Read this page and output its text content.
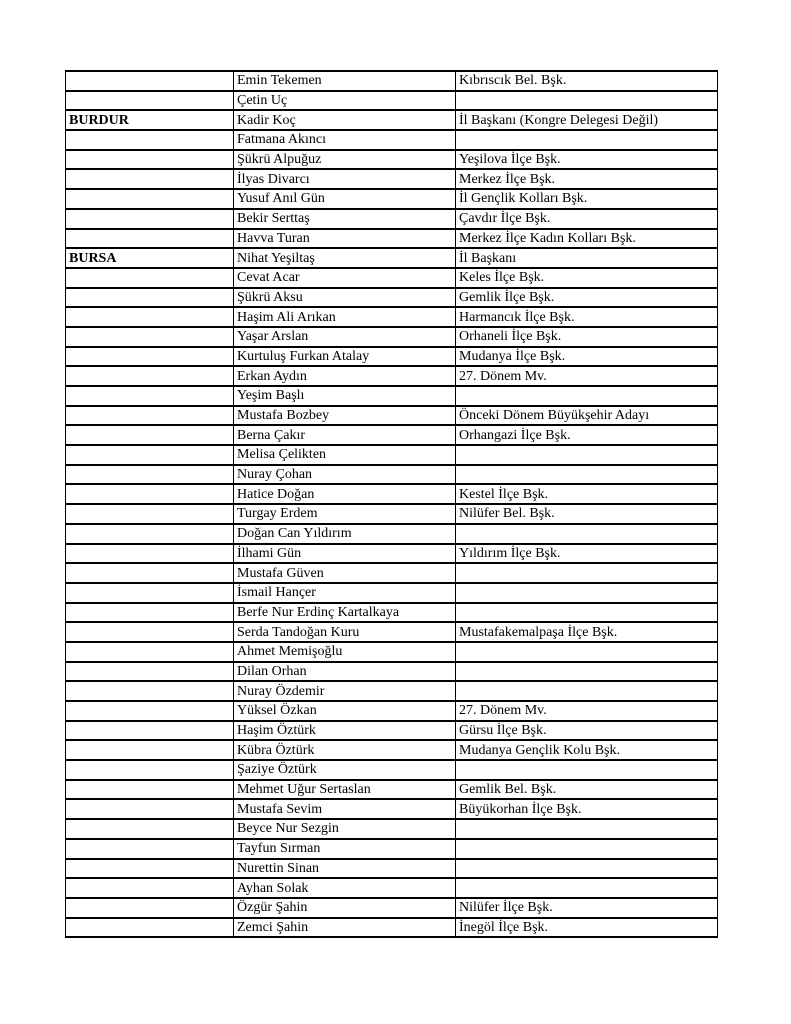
	Emin Tekemen	Kıbrıscık Bel. Bşk.
	Çetin Uç	
BURDUR	Kadir Koç	İl Başkanı (Kongre Delegesi Değil)
	Fatmana Akıncı	
	Şükrü Alpuğuz	Yeşilova İlçe Bşk.
	İlyas Divarcı	Merkez İlçe Bşk.
	Yusuf Anıl Gün	İl Gençlik Kolları Bşk.
	Bekir Serttaş	Çavdır İlçe Bşk.
	Havva Turan	Merkez İlçe Kadın Kolları Bşk.
BURSA	Nihat Yeşiltaş	İl Başkanı
	Cevat Acar	Keles İlçe Bşk.
	Şükrü Aksu	Gemlik İlçe Bşk.
	Haşim Ali Arıkan	Harmancık İlçe Bşk.
	Yaşar Arslan	Orhaneli İlçe Bşk.
	Kurtuluş Furkan Atalay	Mudanya İlçe Bşk.
	Erkan Aydın	27. Dönem Mv.
	Yeşim Başlı	
	Mustafa Bozbey	Önceki Dönem Büyükşehir Adayı
	Berna Çakır	Orhangazi İlçe Bşk.
	Melisa Çelikten	
	Nuray Çohan	
	Hatice Doğan	Kestel İlçe Bşk.
	Turgay Erdem	Nilüfer Bel. Bşk.
	Doğan Can Yıldırım	
	İlhami Gün	Yıldırım İlçe Bşk.
	Mustafa Güven	
	İsmail Hançer	
	Berfe Nur Erdinç Kartalkaya	
	Serda Tandoğan Kuru	Mustafakemalpaşa İlçe Bşk.
	Ahmet Memişoğlu	
	Dilan Orhan	
	Nuray Özdemir	
	Yüksel Özkan	27. Dönem Mv.
	Haşim Öztürk	Gürsu İlçe Bşk.
	Kübra Öztürk	Mudanya Gençlik Kolu Bşk.
	Şaziye Öztürk	
	Mehmet Uğur Sertaslan	Gemlik Bel. Bşk.
	Mustafa Sevim	Büyükorhan İlçe Bşk.
	Beyce Nur Sezgin	
	Tayfun Sırman	
	Nurettin Sinan	
	Ayhan Solak	
	Özgür Şahin	Nilüfer İlçe Bşk.
	Zemci Şahin	İnegöl İlçe Bşk.
